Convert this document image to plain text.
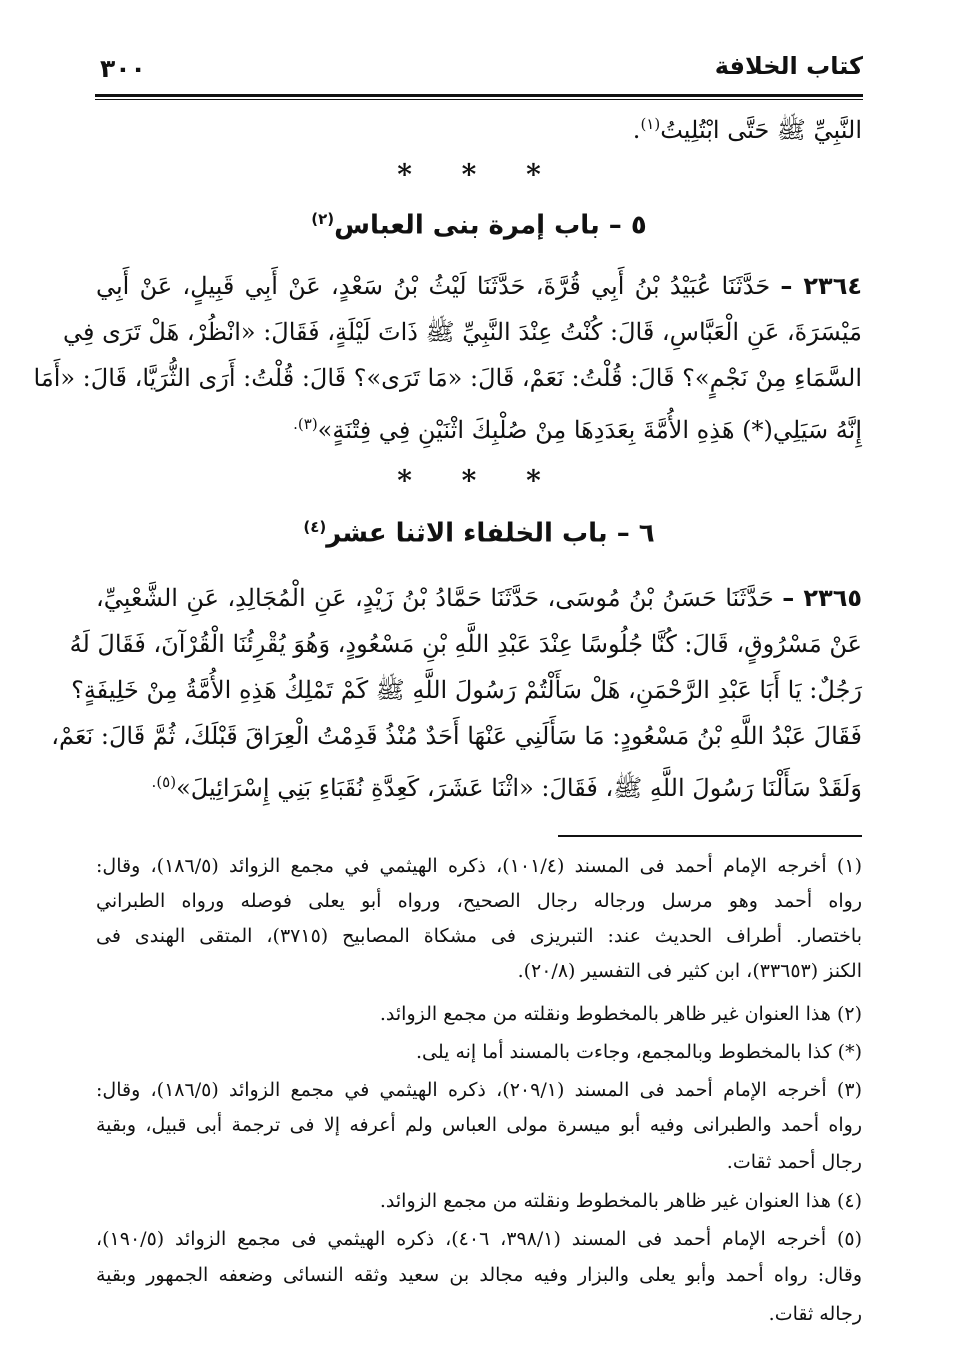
كتاب الخلافة
٣٠٠
النَّبِيِّ ﷺ حَتَّى ابْتُلِيتُ$^{(١)}$.
* * *
٥ – باب إمرة بنى العباس$^{(٢)}$
٢٣٦٤ – حَدَّثَنَا عُبَيْدُ بْنُ أَبِي قُرَّةَ، حَدَّثَنَا لَيْثُ بْنُ سَعْدٍ، عَنْ أَبِي قَبِيلٍ، عَنْ أَبِي
مَيْسَرَةَ، عَنِ الْعَبَّاسِ، قَالَ: كُنْتُ عِنْدَ النَّبِيِّ ﷺ ذَاتَ لَيْلَةٍ، فَقَالَ: «انْظُرْ، هَلْ تَرَى فِي
السَّمَاءِ مِنْ نَجْمٍ»؟ قَالَ: قُلْتُ: نَعَمْ، قَالَ: «مَا تَرَى»؟ قَالَ: قُلْتُ: أَرَى الثُّرَيَّا، قَالَ: «أَمَا
إِنَّهُ سَيَلِي(*) هَذِهِ الأُمَّةَ بِعَدَدِهَا مِنْ صُلْبِكَ اثْنَيْنِ فِي فِتْنَةٍ»$^{(٣).}$
* * *
٦ – باب الخلفاء الاثنا عشر$^{(٤)}$
٢٣٦٥ – حَدَّثَنَا حَسَنُ بْنُ مُوسَى، حَدَّثَنَا حَمَّادُ بْنُ زَيْدٍ، عَنِ الْمُجَالِدِ، عَنِ الشَّعْبِيِّ،
عَنْ مَسْرُوقٍ، قَالَ: كُنَّا جُلُوسًا عِنْدَ عَبْدِ اللَّهِ بْنِ مَسْعُودٍ، وَهُوَ يُقْرِئُنَا الْقُرْآنَ، فَقَالَ لَهُ
رَجُلٌ: يَا أَبَا عَبْدِ الرَّحْمَنِ، هَلْ سَأَلْتُمْ رَسُولَ اللَّهِ ﷺ كَمْ تَمْلِكُ هَذِهِ الأُمَّةُ مِنْ خَلِيفَةٍ؟
فَقَالَ عَبْدُ اللَّهِ بْنُ مَسْعُودٍ: مَا سَأَلَنِي عَنْهَا أَحَدٌ مُنْذُ قَدِمْتُ الْعِرَاقَ قَبْلَكَ، ثُمَّ قَالَ: نَعَمْ،
وَلَقَدْ سَأَلْنَا رَسُولَ اللَّهِ ﷺ، فَقَالَ: «اثْنَا عَشَرَ، كَعِدَّةِ نُقَبَاءِ بَنِي إِسْرَائِيلَ»$^{(٥).}$
(١) أخرجه الإمام أحمد فى المسند (١٠١/٤)، ذكره الهيثمي في مجمع الزوائد (١٨٦/٥)، وقال:
رواه أحمد وهو مرسل ورجاله رجال الصحيح، ورواه أبو يعلى فوصله ورواه الطبراني
باختصار. أطراف الحديث عند: التبريزى فى مشكاة المصابيح (٣٧١٥)، المتقى الهندى فى
الكنز (٣٣٦٥٣)، ابن كثير فى التفسير (٢٠/٨).
(٢) هذا العنوان غير ظاهر بالمخطوط ونقلته من مجمع الزوائد.
(*) كذا بالمخطوط وبالمجمع، وجاءت بالمسند أما إنه يلى.
(٣) أخرجه الإمام أحمد فى المسند (٢٠٩/١)، ذكره الهيثمي في مجمع الزوائد (١٨٦/٥)، وقال:
رواه أحمد والطبرانى وفيه أبو ميسرة مولى العباس ولم أعرفه إلا فى ترجمة أبى قبيل، وبقية
رجال أحمد ثقات.
(٤) هذا العنوان غير ظاهر بالمخطوط ونقلته من مجمع الزوائد.
(٥) أخرجه الإمام أحمد فى المسند (٣٩٨/١، ٤٠٦)، ذكره الهيثمي فى مجمع الزوائد (١٩٠/٥)،
وقال: رواه أحمد وأبو يعلى والبزار وفيه مجالد بن سعيد وثقه النسائى وضعفه الجمهور وبقية
رجاله ثقات.
